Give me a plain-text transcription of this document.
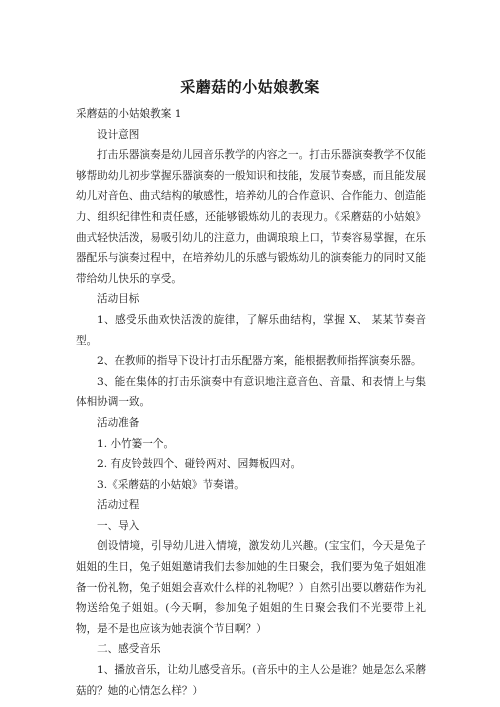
采蘑菇的小姑娘教案

采蘑菇的小姑娘教案 1

设计意图

打击乐器演奏是幼儿园音乐教学的内容之一。打击乐器演奏教学不仅能够帮助幼儿初步掌握乐器演奏的一般知识和技能，发展节奏感，而且能发展幼儿对音色、曲式结构的敏感性，培养幼儿的合作意识、合作能力、创造能力、组织纪律性和责任感，还能够锻炼幼儿的表现力。《采蘑菇的小姑娘》曲式轻快活泼，易吸引幼儿的注意力，曲调琅琅上口，节奏容易掌握，在乐器配乐与演奏过程中，在培养幼儿的乐感与锻炼幼儿的演奏能力的同时又能带给幼儿快乐的享受。

活动目标

1、感受乐曲欢快活泼的旋律，了解乐曲结构，掌握 X、 某某节奏音型。

2、在教师的指导下设计打击乐配器方案，能根据教师指挥演奏乐器。

3、能在集体的打击乐演奏中有意识地注意音色、音量、和表情上与集体相协调一致。

活动准备

1. 小竹篓一个。

2. 有皮铃鼓四个、碰铃两对、园舞板四对。

3.《采蘑菇的小姑娘》节奏谱。

活动过程

一、导入

创设情境，引导幼儿进入情境，激发幼儿兴趣。(宝宝们，今天是兔子姐姐的生日，兔子姐姐邀请我们去参加她的生日聚会，我们要为兔子姐姐准备一份礼物，兔子姐姐会喜欢什么样的礼物呢？）自然引出要以蘑菇作为礼物送给兔子姐姐。(今天啊，参加兔子姐姐的生日聚会我们不光要带上礼物，是不是也应该为她表演个节目啊？）

二、感受音乐

1、播放音乐，让幼儿感受音乐。(音乐中的主人公是谁？她是怎么采蘑菇的？她的心情怎么样？）
